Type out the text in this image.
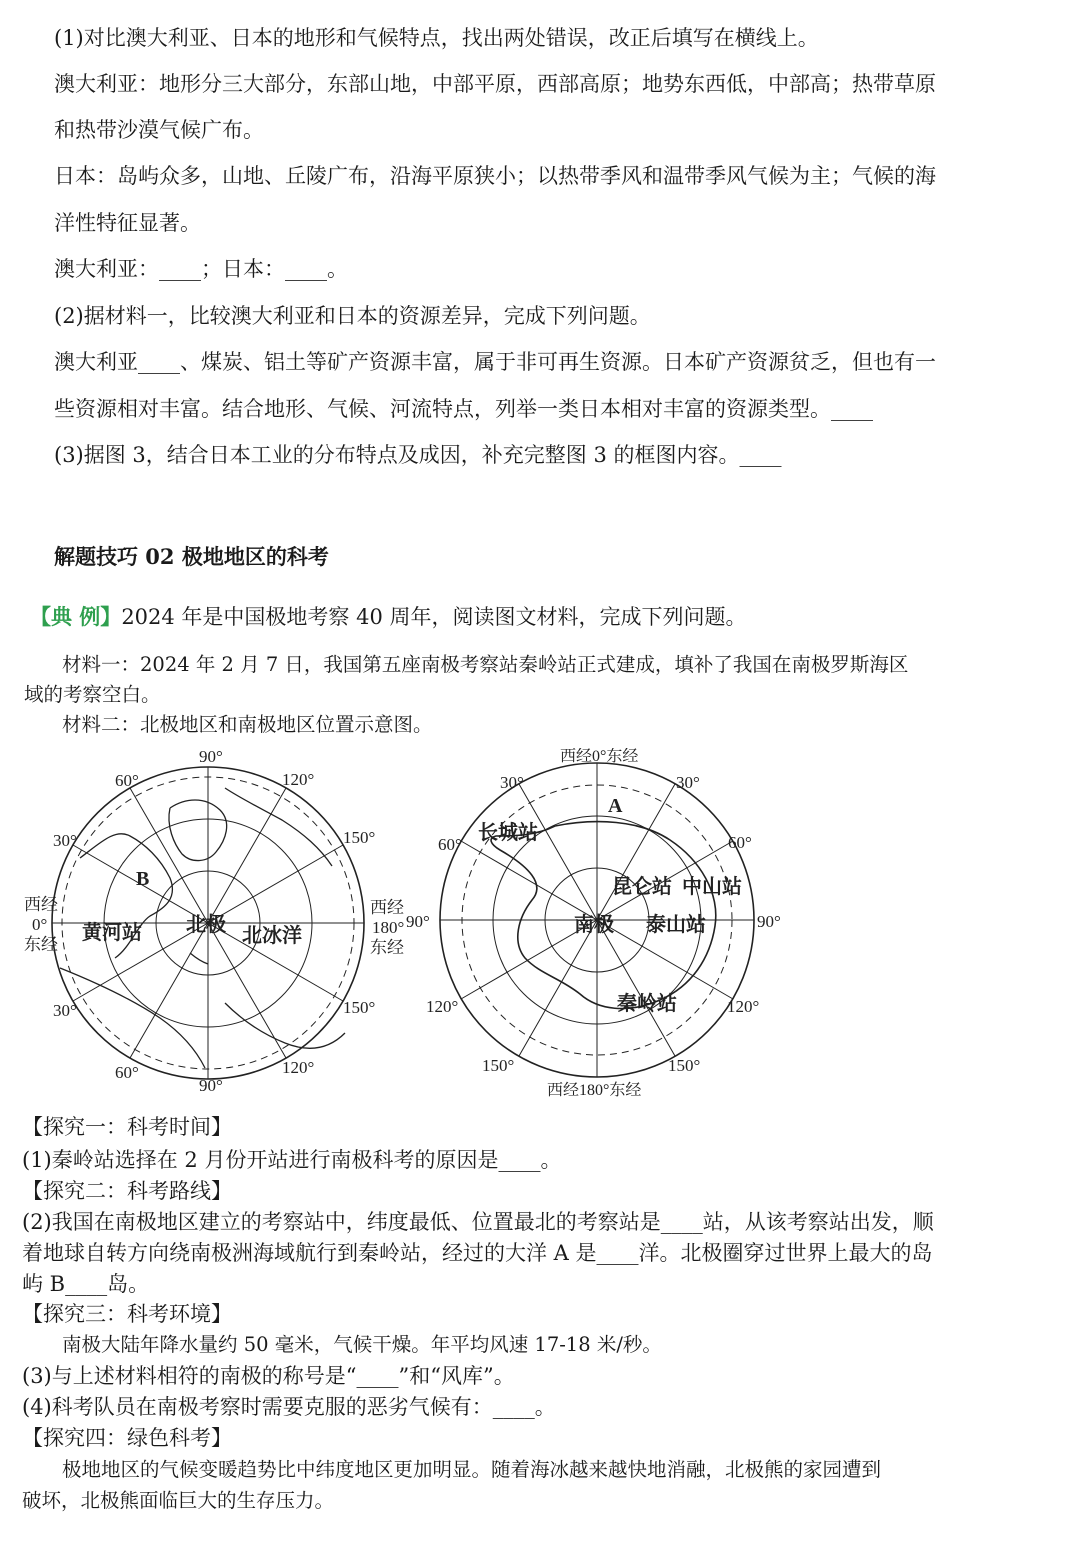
(1)对比澳大利亚、日本的地形和气候特点，找出两处错误，改正后填写在横线上。
澳大利亚：地形分三大部分，东部山地，中部平原，西部高原；地势东西低，中部高；热带草原
和热带沙漠气候广布。
日本：岛屿众多，山地、丘陵广布，沿海平原狭小；以热带季风和温带季风气候为主；气候的海
洋性特征显著。
澳大利亚：____；日本：____。
(2)据材料一，比较澳大利亚和日本的资源差异，完成下列问题。
澳大利亚____、煤炭、铝土等矿产资源丰富，属于非可再生资源。日本矿产资源贫乏，但也有一
些资源相对丰富。结合地形、气候、河流特点，列举一类日本相对丰富的资源类型。____
(3)据图 3，结合日本工业的分布特点及成因，补充完整图 3 的框图内容。____
解题技巧 02 极地地区的科考
【典 例】2024 年是中国极地考察 40 周年，阅读图文材料，完成下列问题。
材料一：2024 年 2 月 7 日，我国第五座南极考察站秦岭站正式建成，填补了我国在南极罗斯海区
域的考察空白。
材料二：北极地区和南极地区位置示意图。
90°
120°
60°
150°
30°
西经
0°
东经
西经
180°
东经
30°	150°
60°	120°
90°
B
黄河站 北极 北冰洋
西经0°东经
30°	30°
60°	60°
90°	90°
120°	120°
150°	150°
西经180°东经
A
长城站
昆仑站 中山站
南极 泰山站
秦岭站
【探究一：科考时间】
(1)秦岭站选择在 2 月份开站进行南极科考的原因是____。
【探究二：科考路线】
(2)我国在南极地区建立的考察站中，纬度最低、位置最北的考察站是____站，从该考察站出发，顺
着地球自转方向绕南极洲海域航行到秦岭站，经过的大洋 A 是____洋。北极圈穿过世界上最大的岛
屿 B____岛。
【探究三：科考环境】
南极大陆年降水量约 50 毫米，气候干燥。年平均风速 17-18 米/秒。
(3)与上述材料相符的南极的称号是“____”和“风库”。
(4)科考队员在南极考察时需要克服的恶劣气候有：____。
【探究四：绿色科考】
极地地区的气候变暖趋势比中纬度地区更加明显。随着海冰越来越快地消融，北极熊的家园遭到
破坏，北极熊面临巨大的生存压力。
